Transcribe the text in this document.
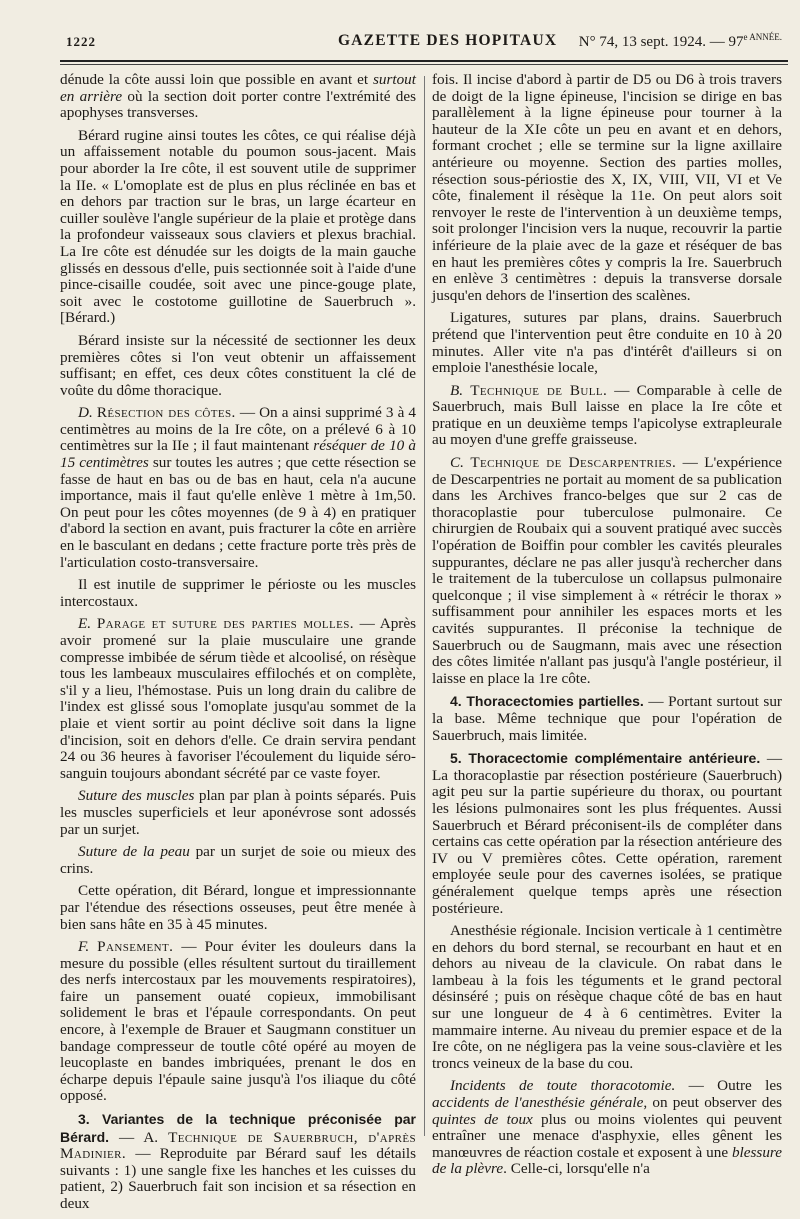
1222	GAZETTE DES HOPITAUX N° 74, 13 sept. 1924. — $97^{e ANNÉE.}$

dénude la côte aussi loin que possible en avant et surtout en arrière où la section doit porter contre l'extrémité des apophyses transverses.

Bérard rugine ainsi toutes les côtes, ce qui réalise déjà un affaissement notable du poumon sous-jacent. Mais pour aborder la Ire côte, il est souvent utile de supprimer la IIe. « L'omoplate est de plus en plus réclinée en bas et en dehors par traction sur le bras, un large écarteur en cuiller soulève l'angle supérieur de la plaie et protège dans la profondeur vaisseaux sous claviers et plexus brachial. La Ire côte est dénudée sur les doigts de la main gauche glissés en dessous d'elle, puis sectionnée soit à l'aide d'une pince-cisaille coudée, soit avec une pince-gouge plate, soit avec le costotome guillotine de Sauerbruch ». [Bérard.)

Bérard insiste sur la nécessité de sectionner les deux premières côtes si l'on veut obtenir un affaissement suffisant; en effet, ces deux côtes constituent la clé de voûte du dôme thoracique.

D. Résection des côtes. — On a ainsi supprimé 3 à 4 centimètres au moins de la Ire côte, on a prélevé 6 à 10 centimètres sur la IIe ; il faut maintenant réséquer de 10 à 15 centimètres sur toutes les autres ; que cette résection se fasse de haut en bas ou de bas en haut, cela n'a aucune importance, mais il faut qu'elle enlève 1 mètre à 1m,50. On peut pour les côtes moyennes (de 9 à 4) en pratiquer d'abord la section en avant, puis fracturer la côte en arrière en le basculant en dedans ; cette fracture porte très près de l'articulation costo-transversaire.

Il est inutile de supprimer le périoste ou les muscles intercostaux.

E. Parage et suture des parties molles. — Après avoir promené sur la plaie musculaire une grande compresse imbibée de sérum tiède et alcoolisé, on résèque tous les lambeaux musculaires effilochés et on complète, s'il y a lieu, l'hémostase. Puis un long drain du calibre de l'index est glissé sous l'omoplate jusqu'au sommet de la plaie et vient sortir au point déclive soit dans la ligne d'incision, soit en dehors d'elle. Ce drain servira pendant 24 ou 36 heures à favoriser l'écoulement du liquide séro-sanguin toujours abondant sécrété par ce vaste foyer.

Suture des muscles plan par plan à points séparés. Puis les muscles superficiels et leur aponévrose sont adossés par un surjet.

Suture de la peau par un surjet de soie ou mieux des crins.

Cette opération, dit Bérard, longue et impressionnante par l'étendue des résections osseuses, peut être menée à bien sans hâte en 35 à 45 minutes.

F. Pansement. — Pour éviter les douleurs dans la mesure du possible (elles résultent surtout du tiraillement des nerfs intercostaux par les mouvements respiratoires), faire un pansement ouaté copieux, immobilisant solidement le bras et l'épaule correspondants. On peut encore, à l'exemple de Brauer et Saugmann constituer un bandage compresseur de toutle côté opéré au moyen de leucoplaste en bandes imbriquées, prenant le dos en écharpe depuis l'épaule saine jusqu'à l'os iliaque du côté opposé.

3. Variantes de la technique préconisée par Bérard. — A. Technique de Sauerbruch, d'après Madinier. — Reproduite par Bérard sauf les détails suivants : 1) une sangle fixe les hanches et les cuisses du patient, 2) Sauerbruch fait son incision et sa résection en deux

fois. Il incise d'abord à partir de D5 ou D6 à trois travers de doigt de la ligne épineuse, l'incision se dirige en bas parallèlement à la ligne épineuse pour tourner à la hauteur de la XIe côte un peu en avant et en dehors, formant crochet ; elle se termine sur la ligne axillaire antérieure ou moyenne. Section des parties molles, résection sous-périostie des X, IX, VIII, VII, VI et Ve côte, finalement il résèque la 11e. On peut alors soit renvoyer le reste de l'intervention à un deuxième temps, soit prolonger l'incision vers la nuque, recouvrir la partie inférieure de la plaie avec de la gaze et réséquer de bas en haut les premières côtes y compris la Ire. Sauerbruch en enlève 3 centimètres : depuis la transverse dorsale jusqu'en dehors de l'insertion des scalènes.

Ligatures, sutures par plans, drains. Sauerbruch prétend que l'intervention peut être conduite en 10 à 20 minutes. Aller vite n'a pas d'intérêt d'ailleurs si on emploie l'anesthésie locale,

B. Technique de Bull. — Comparable à celle de Sauerbruch, mais Bull laisse en place la Ire côte et pratique en un deuxième temps l'apicolyse extrapleurale au moyen d'une greffe graisseuse.

C. Technique de Descarpentries. — L'expérience de Descarpentries ne portait au moment de sa publication dans les Archives franco-belges que sur 2 cas de thoracoplastie pour tuberculose pulmonaire. Ce chirurgien de Roubaix qui a souvent pratiqué avec succès l'opération de Boiffin pour combler les cavités pleurales suppurantes, déclare ne pas aller jusqu'à rechercher dans le traitement de la tuberculose un collapsus pulmonaire quelconque ; il vise simplement à « rétrécir le thorax » suffisamment pour annihiler les espaces morts et les cavités suppurantes. Il préconise la technique de Sauerbruch ou de Saugmann, mais avec une résection des côtes limitée n'allant pas jusqu'à l'angle postérieur, il laisse en place la 1re côte.

4. Thoracectomies partielles. — Portant surtout sur la base. Même technique que pour l'opération de Sauerbruch, mais limitée.

5. Thoracectomie complémentaire antérieure. — La thoracoplastie par résection postérieure (Sauerbruch) agit peu sur la partie supérieure du thorax, ou pourtant les lésions pulmonaires sont les plus fréquentes. Aussi Sauerbruch et Bérard préconisent-ils de compléter dans certains cas cette opération par la résection antérieure des IV ou V premières côtes. Cette opération, rarement employée seule pour des cavernes isolées, se pratique généralement quelque temps après une résection postérieure.

Anesthésie régionale. Incision verticale à 1 centimètre en dehors du bord sternal, se recourbant en haut et en dehors au niveau de la clavicule. On rabat dans le lambeau à la fois les téguments et le grand pectoral désinséré ; puis on résèque chaque côté de bas en haut sur une longueur de 4 à 6 centimètres. Eviter la mammaire interne. Au niveau du premier espace et de la Ire côte, on ne négligera pas la veine sous-clavière et les troncs veineux de la base du cou.

Incidents de toute thoracotomie. — Outre les accidents de l'anesthésie générale, on peut observer des quintes de toux plus ou moins violentes qui peuvent entraîner une menace d'asphyxie, elles gênent les manœuvres de réaction costale et exposent à une blessure de la plèvre. Celle-ci, lorsqu'elle n'a
